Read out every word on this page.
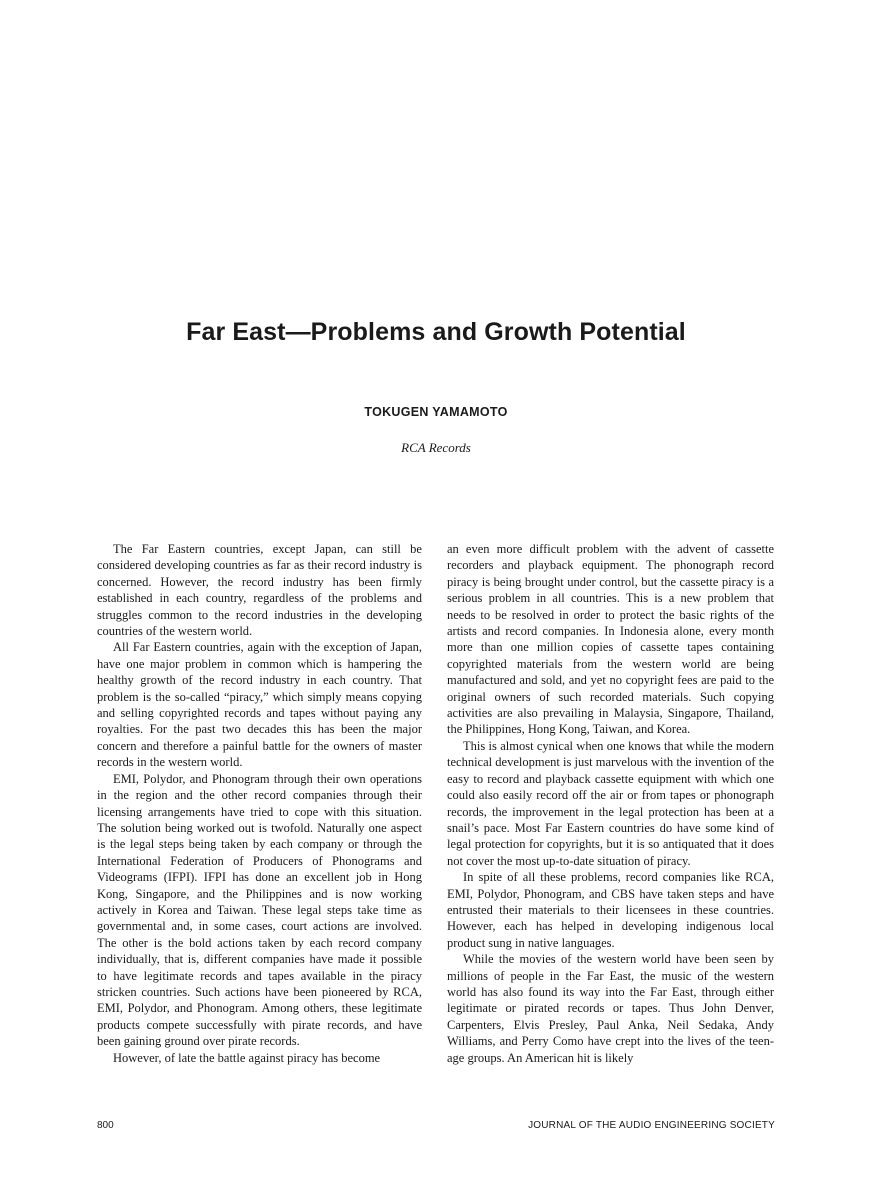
Far East—Problems and Growth Potential
TOKUGEN YAMAMOTO
RCA Records

The Far Eastern countries, except Japan, can still be considered developing countries as far as their record industry is concerned. However, the record industry has been firmly established in each country, regardless of the problems and struggles common to the record industries in the developing countries of the western world.

All Far Eastern countries, again with the exception of Japan, have one major problem in common which is hampering the healthy growth of the record industry in each country. That problem is the so-called “piracy,” which simply means copying and selling copyrighted records and tapes without paying any royalties. For the past two decades this has been the major concern and therefore a painful battle for the owners of master records in the western world.

EMI, Polydor, and Phonogram through their own operations in the region and the other record companies through their licensing arrangements have tried to cope with this situation. The solution being worked out is twofold. Naturally one aspect is the legal steps being taken by each company or through the International Federation of Producers of Phonograms and Videograms (IFPI). IFPI has done an excellent job in Hong Kong, Singapore, and the Philippines and is now working actively in Korea and Taiwan. These legal steps take time as governmental and, in some cases, court actions are involved. The other is the bold actions taken by each record company individually, that is, different companies have made it possible to have legitimate records and tapes available in the piracy stricken countries. Such actions have been pioneered by RCA, EMI, Polydor, and Phonogram. Among others, these legitimate products compete successfully with pirate records, and have been gaining ground over pirate records.

However, of late the battle against piracy has become

an even more difficult problem with the advent of cassette recorders and playback equipment. The phonograph record piracy is being brought under control, but the cassette piracy is a serious problem in all countries. This is a new problem that needs to be resolved in order to protect the basic rights of the artists and record companies. In Indonesia alone, every month more than one million copies of cassette tapes containing copyrighted materials from the western world are being manufactured and sold, and yet no copyright fees are paid to the original owners of such recorded materials. Such copying activities are also prevailing in Malaysia, Singapore, Thailand, the Philippines, Hong Kong, Taiwan, and Korea.

This is almost cynical when one knows that while the modern technical development is just marvelous with the invention of the easy to record and playback cassette equipment with which one could also easily record off the air or from tapes or phonograph records, the improvement in the legal protection has been at a snail’s pace. Most Far Eastern countries do have some kind of legal protection for copyrights, but it is so antiquated that it does not cover the most up-to-date situation of piracy.

In spite of all these problems, record companies like RCA, EMI, Polydor, Phonogram, and CBS have taken steps and have entrusted their materials to their licensees in these countries. However, each has helped in developing indigenous local product sung in native languages.

While the movies of the western world have been seen by millions of people in the Far East, the music of the western world has also found its way into the Far East, through either legitimate or pirated records or tapes. Thus John Denver, Carpenters, Elvis Presley, Paul Anka, Neil Sedaka, Andy Williams, and Perry Como have crept into the lives of the teen-age groups. An American hit is likely

800	JOURNAL OF THE AUDIO ENGINEERING SOCIETY
